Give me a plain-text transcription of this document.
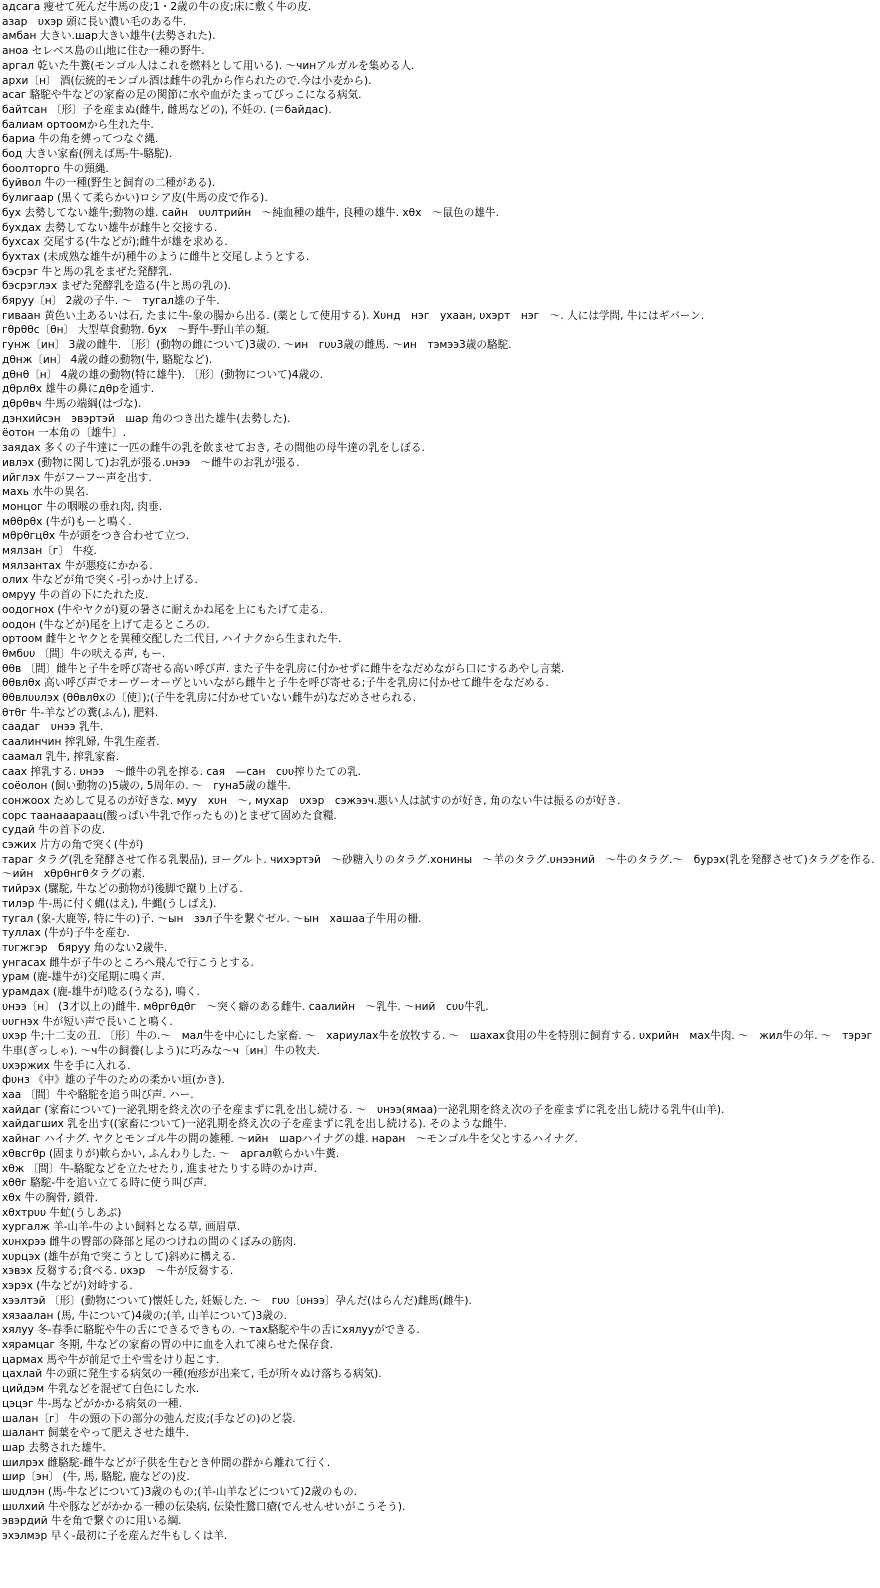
адсага 痩せて死んだ牛馬の皮;1・2歳の牛の皮;床に敷く牛の皮.

азар　υхэр 頭に長い濃い毛のある牛.

амбан 大きい.шар大きい雄牛(去勢された).

аноа セレベス島の山地に住む一種の野牛.

аргал 乾いた牛糞(モンゴル人はこれを燃料として用いる). ～чинアルガルを集める人.

архи〔н〕 酒(伝統的モンゴル酒は雌牛の乳から作られたので.今は小麦から).

асаг 駱駝や牛などの家畜の足の関節に水や血がたまってびっこになる病気.

байтсан 〔形〕子を産まぬ(雌牛, 雌馬などの), 不妊の. (＝байдас).

балиам ортоомから生れた牛.

бариа 牛の角を縛ってつなぐ縄.

бод 大きい家畜(例えば馬‐牛‐駱駝).

боолторго 牛の頸縄.

буйвол 牛の一種(野生と飼育の二種がある).

булигаар (黒くて柔らかい)ロシア皮(牛馬の皮で作る).

бух 去勢してない雄牛;動物の雄. сайн　υυлтрийн　～純血種の雄牛, 良種の雄牛. хθх　～鼠色の雄牛.

бухдах 去勢してない雄牛が雌牛と交接する.

бухсах 交尾する(牛などが);雌牛が雄を求める.

бухтах (未成熟な雄牛が)種牛のように雌牛と交尾しようとする.

бэсрэг 牛と馬の乳をまぜた発酵乳.

бэсрэглэх まぜた発酵乳を造る(牛と馬の乳の).

бяруу〔н〕 2歳の子牛. ～　тугал雄の子牛.

гиваан 黄色い土あるいは石, たまに牛‐象の腸から出る. (薬として使用する). Хυнд　нэг　ухаан, υхэрт　нэг　～. 人には学問, 牛にはギバーン.

гθрθθс〔θн〕 大型草食動物. бух　～野牛‐野山羊の類.

гунж〔ин〕 3歳の雌牛. 〔形〕(動物の雌について)3歳の. ～ин　гυυ3歳の雌馬. ～ин　тэмээ3歳の駱駝.

дθнж〔ин〕 4歳の雌の動物(牛, 駱駝など).

дθнθ〔н〕 4歳の雄の動物(特に雄牛). 〔形〕(動物について)4歳の.

дθрлθх 雄牛の鼻にдθрを通す.

дθрθвч 牛馬の端綱(はづな).

дэнхийсэн　эвэртэй　шар 角のつき出た雄牛(去勢した).

ёотон 一本角の〔雄牛〕.

заядах 多くの子牛達に一匹の雌牛の乳を飲ませておき, その間他の母牛達の乳をしぼる.

ивлэх (動物に関して)お乳が張る.υнээ　～雌牛のお乳が張る.

ийглэх 牛がフーフー声を出す.

махь 水牛の異名.

монцог 牛の咽喉の垂れ肉, 肉垂.

мθθрθх (牛が)もーと鳴く.

мθрθгцθх 牛が頭をつき合わせて立つ.

мялзан〔г〕 牛疫.

мялзантах 牛が悪疫にかかる.

олих 牛などが角で突く‐引っかけ上げる.

омруу 牛の首の下にたれた皮.

оодогнох (牛やヤクが)夏の暑さに耐えかね尾を上にもたげて走る.

оодон (牛などが)尾を上げて走るところの.

ортоом 雌牛とヤクとを異種交配した二代目, ハイナクから生まれた牛.

θмбυυ 〔間〕牛の吠える声, もー.

θθв 〔間〕雌牛と子牛を呼び寄せる高い呼び声. また子牛を乳房に付かせずに雌牛をなだめながら口にするあやし言葉.

θθвлθх 高い呼び声でオーヴーオーヴといいながら雌牛と子牛を呼び寄せる;子牛を乳房に付かせて雌牛をなだめる.

θθвлυυлэх (θθвлθхの〔使〕);(子牛を乳房に付かせていない雌牛が)なだめさせられる.

θтθг 牛‐羊などの糞(ふん), 肥料.

саадаг　υнээ 乳牛.

саалинчин 搾乳婦, 牛乳生産者.

саамал 乳牛, 搾乳家畜.

саах 搾乳する. υнээ　～雌牛の乳を搾る. сая　—сан　сυυ搾りたての乳.

соёолон (飼い動物の)5歳の, 5周年の. ～　гуна5歳の雄牛.

сонжоох ためして見るのが好きな. муу　хυн　～, мухар　υхэр　сэжээч.悪い人は試すのが好き, 角のない牛は振るのが好き.

сорс таанааараац(酸っぱい牛乳で作ったもの)とまぜて固めた食糧.

судай 牛の首下の皮.

сэжих 片方の角で突く(牛が)

тараг タラグ(乳を発酵させて作る乳製品), ヨーグルト. чихэртэй　～砂糖入りのタラグ.хонины　～羊のタラグ.υнээний　～牛のタラグ.～　бурэх(乳を発酵させて)タラグを作る. ～ийн　хθрθнгθタラグの素.

тийрэх (騾駝, 牛などの動物が)後脚で蹴り上げる.

тилэр 牛‐馬に付く蝿(はえ), 牛蝿(うしばえ).

тугал (象‐大鹿等, 特に牛の)子. ～ын　зэл子牛を繋ぐゼル. ～ын　хашаа子牛用の柵.

туллах (牛が)子牛を産む.

тυгжгэр　бяруу 角のない2歳牛.

унгасах 雌牛が子牛のところへ飛んで行こうとする.

урам (鹿‐雄牛が)交尾期に鳴く声.

урамдах (鹿‐雄牛が)唸る(うなる), 鳴く.

υнээ〔н〕 (3才以上の)雌牛. мθргθдθг　～突く癖のある雌牛. саалийн　～乳牛. ～ний　сυυ牛乳.

υυгнэх 牛が短い声で長いこと鳴く.

υхэр 牛;十二支の丑. 〔形〕牛の.～　мал牛を中心にした家畜. ～　хариулах牛を放牧する. ～　шахах食用の牛を特別に飼育する. υхрийн　мах牛肉. ～　жил牛の年. ～　тэрэг牛車(ぎっしゃ). ～ч牛の飼養(しよう)に巧みな～ч〔ин〕牛の牧夫.

υхэржих 牛を手に入れる.

фυнз 《中》雄の子牛のための柔かい垣(かき).

хаа 〔間〕牛や駱駝を追う叫び声. ハー.

хайдаг (家畜について)一泌乳期を終え次の子を産まずに乳を出し続ける. ～　υнээ(ямаа)一泌乳期を終え次の子を産まずに乳を出し続ける乳牛(山羊).

хайдагших 乳を出す((家畜について)一泌乳期を終え次の子を産まずに乳を出し続ける). そのような雌牛.

хайнаг ハイナグ. ヤクとモンゴル牛の間の雑種. ～ийн　шарハイナグの雄. наран　～モンゴル牛を父とするハイナグ.

хθвсгθр (固まりが)軟らかい, ふんわりした. ～　аргал軟らかい牛糞.

хθж 〔間〕牛‐駱駝などを立たせたり, 進ませたりする時のかけ声.

хθθг 駱駝‐牛を追い立てる時に使う叫び声.

хθх 牛の胸骨, 鎖骨.

хθхтрυυ 牛虻(うしあぶ)

хургалж 羊‐山羊‐牛のよい飼料となる草, 画眉草.

хυнхрээ 雌牛の臀部の降部と尾のつけねの間のくぼみの筋肉.

хυрцэх (雄牛が角で突こうとして)斜めに構える.

хэвэх 反芻する;食べる. υхэр　～牛が反芻する.

хэрэх (牛などが)対峙する.

хээлтэй 〔形〕(動物について)懐妊した, 妊娠した. ～　гυυ〔υнээ〕孕んだ(はらんだ)雌馬(雌牛).

хязаалан (馬, 牛について)4歳の;(羊, 山羊について)3歳の.

хялуу 冬‐春季に駱駝や牛の舌にできるできもの. ～тах駱駝や牛の舌にхялууができる.

хярамцаг 冬期, 牛などの家畜の胃の中に血を入れて凍らせた保存食.

цармах 馬や牛が前足で土や雪をけり起こす.

цахлай 牛の頭に発生する病気の一種(疱疹が出来て, 毛が所々ぬけ落ちる病気).

цийдэм 牛乳などを混ぜて白色にした水.

цэцэг 牛‐馬などがかかる病気の一種.

шалан〔г〕 牛の頸の下の部分の弛んだ皮;(手などの)のど袋.

шалант 飼葉をやって肥えさせた雄牛.

шар 去勢された雄牛.

шилрэх 雌駱駝‐雌牛などが子供を生むとき仲間の群から離れて行く.

шир〔эн〕 (牛, 馬, 駱駝, 鹿などの)皮.

шυдлэн (馬‐牛などについて)3歳のもの;(羊‐山羊などについて)2歳のもの.

шυлхий 牛や豚などがかかる一種の伝染病, 伝染性鵞口瘡(でんせんせいがこうそう).

эвэрдий 牛を角で繋ぐのに用いる綱.

эхэлмэр 早く‐最初に子を産んだ牛もしくは羊.
